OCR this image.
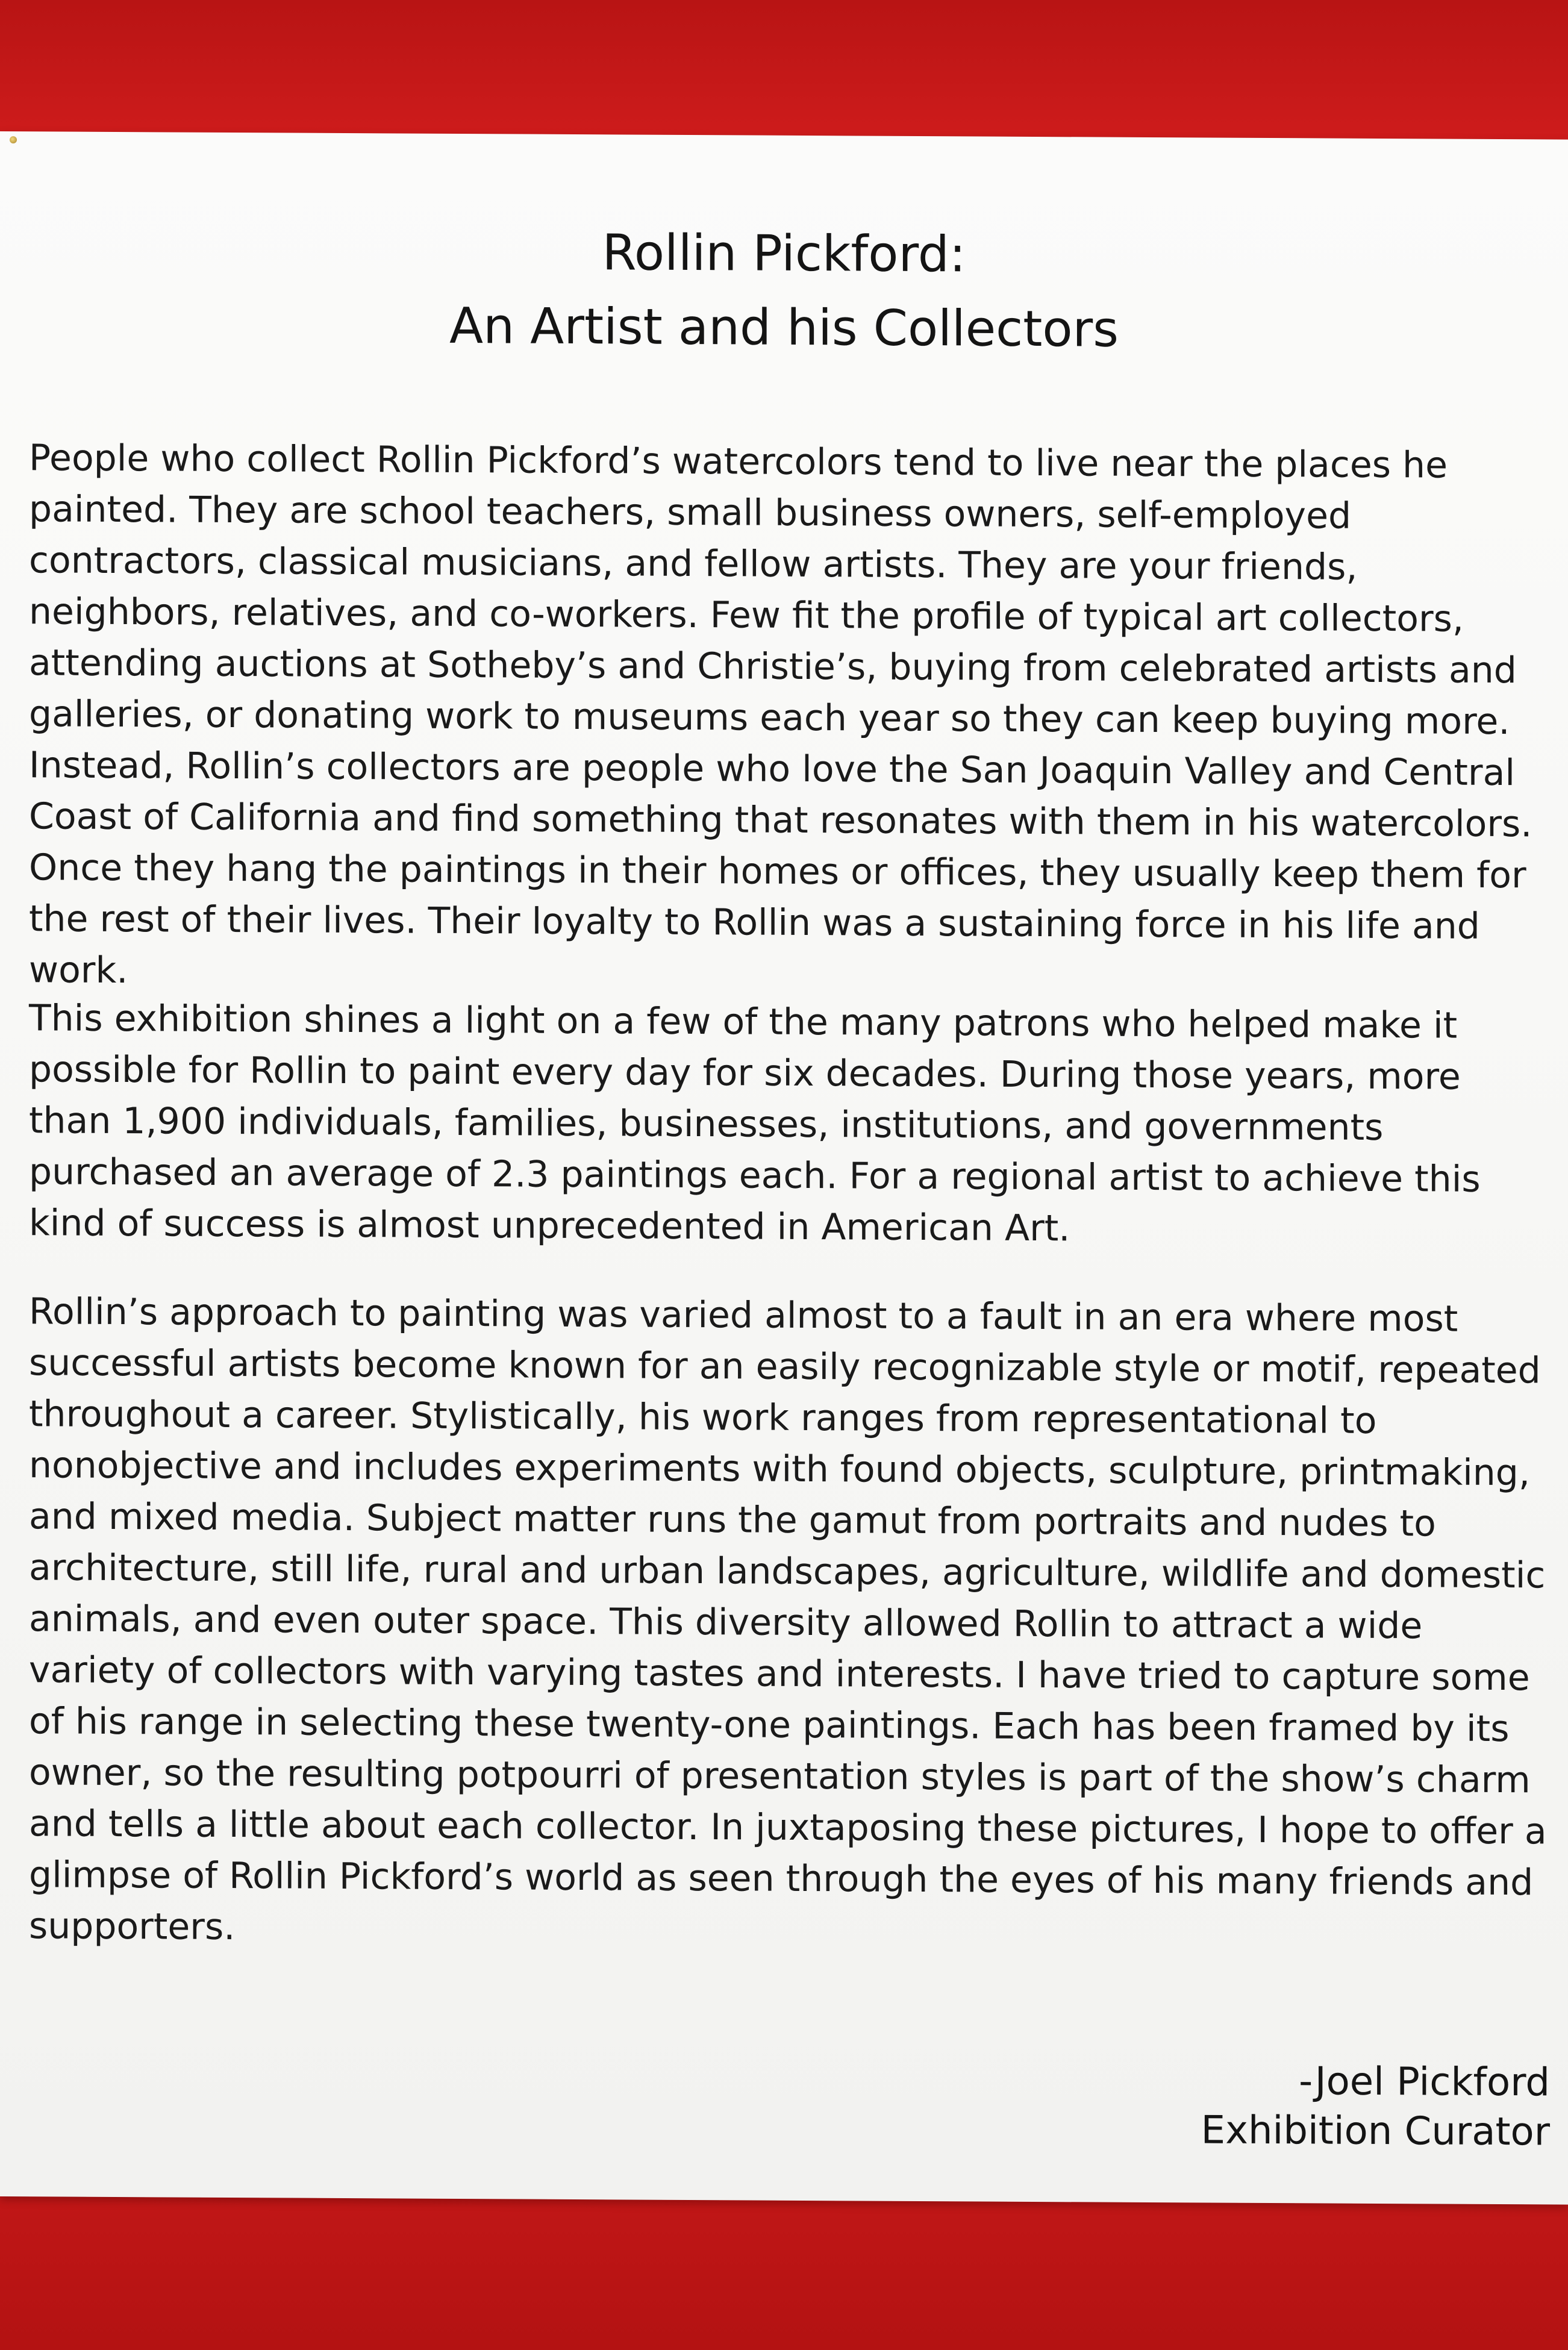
Rollin Pickford:
An Artist and his Collectors

People who collect Rollin Pickford’s watercolors tend to live near the places he painted. They are school teachers, small business owners, self-employed contractors, classical musicians, and fellow artists. They are your friends, neighbors, relatives, and co-workers. Few fit the profile of typical art collectors, attending auctions at Sotheby’s and Christie’s, buying from celebrated artists and galleries, or donating work to museums each year so they can keep buying more. Instead, Rollin’s collectors are people who love the San Joaquin Valley and Central Coast of California and find something that resonates with them in his watercolors. Once they hang the paintings in their homes or offices, they usually keep them for the rest of their lives. Their loyalty to Rollin was a sustaining force in his life and work.

This exhibition shines a light on a few of the many patrons who helped make it possible for Rollin to paint every day for six decades. During those years, more than 1,900 individuals, families, businesses, institutions, and governments purchased an average of 2.3 paintings each. For a regional artist to achieve this kind of success is almost unprecedented in American Art.

Rollin’s approach to painting was varied almost to a fault in an era where most successful artists become known for an easily recognizable style or motif, repeated throughout a career. Stylistically, his work ranges from representational to nonobjective and includes experiments with found objects, sculpture, printmaking, and mixed media. Subject matter runs the gamut from portraits and nudes to architecture, still life, rural and urban landscapes, agriculture, wildlife and domestic animals, and even outer space. This diversity allowed Rollin to attract a wide variety of collectors with varying tastes and interests. I have tried to capture some of his range in selecting these twenty-one paintings. Each has been framed by its owner, so the resulting potpourri of presentation styles is part of the show’s charm and tells a little about each collector. In juxtaposing these pictures, I hope to offer a glimpse of Rollin Pickford’s world as seen through the eyes of his many friends and supporters.

-Joel Pickford
Exhibition Curator
